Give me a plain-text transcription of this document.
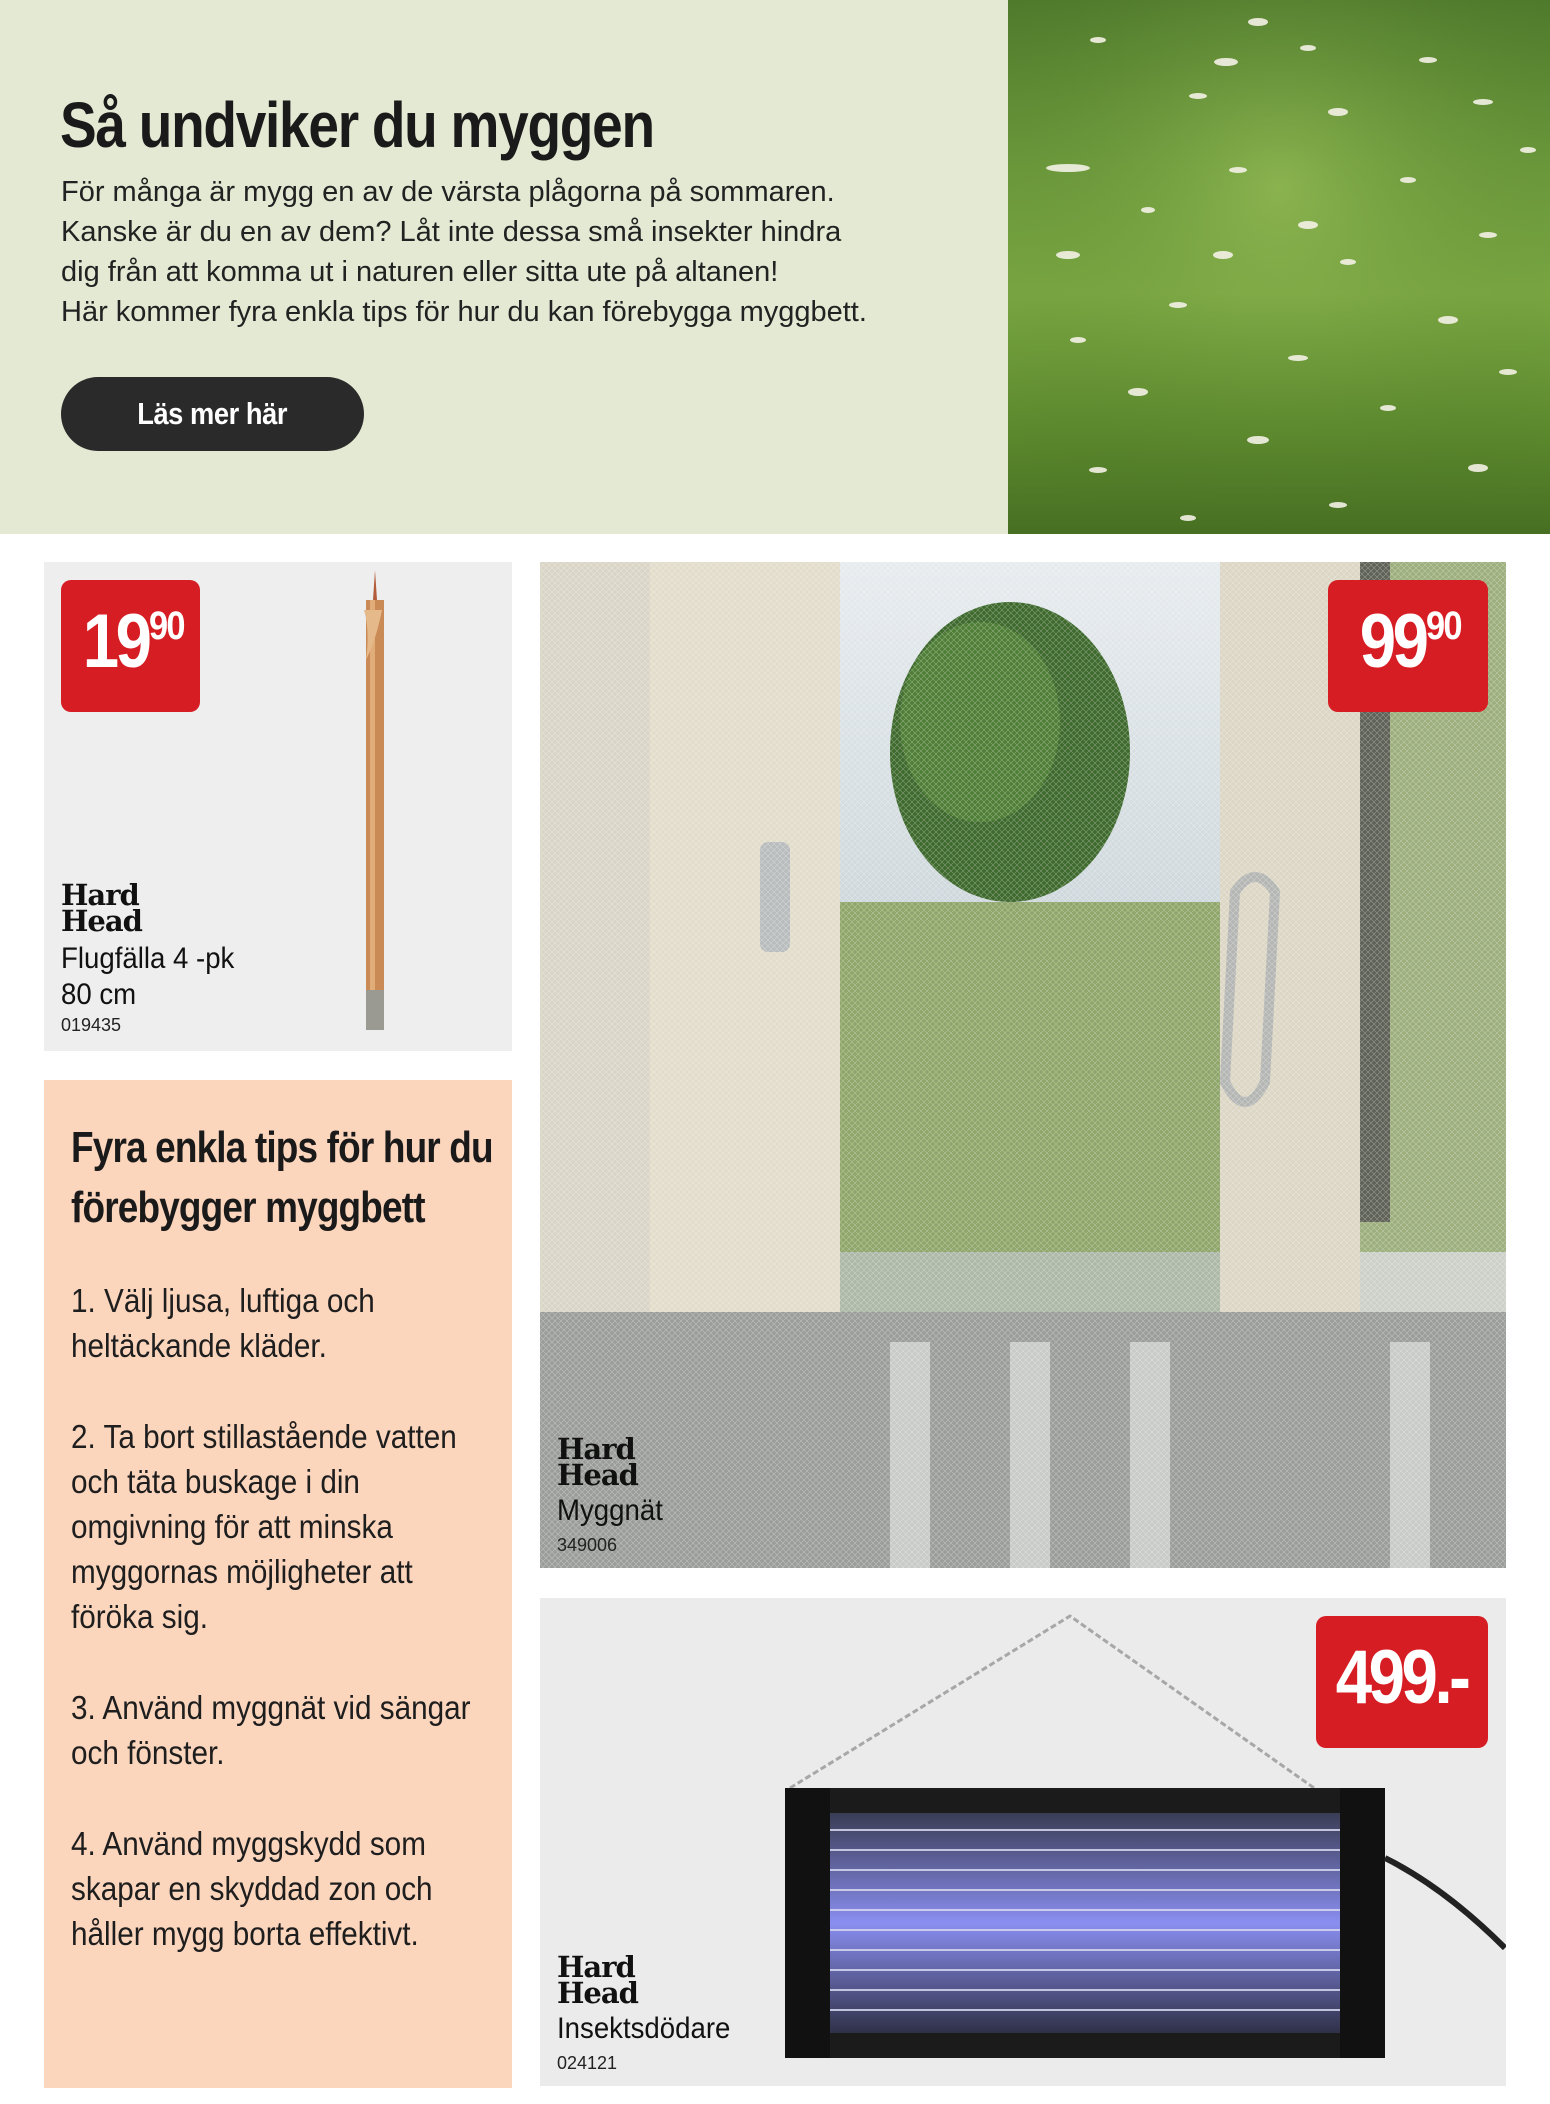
Så undviker du myggen
För många är mygg en av de värsta plågorna på sommaren.
Kanske är du en av dem? Låt inte dessa små insekter hindra
dig från att komma ut i naturen eller sitta ute på altanen!
Här kommer fyra enkla tips för hur du kan förebygga myggbett.
Läs mer här
19 90
Hard
Head
Flugfälla 4 -pk
80 cm
019435
99 90
Hard
Head
Myggnät
349006
499.-
Hard
Head
Insektsdödare
024121
Fyra enkla tips för hur du förebygger myggbett
1. Välj ljusa, luftiga och heltäckande kläder.
2. Ta bort stillastående vatten och täta buskage i din omgivning för att minska myggornas möjligheter att föröka sig.
3. Använd myggnät vid sängar och fönster.
4. Använd myggskydd som skapar en skyddad zon och håller mygg borta effektivt.
